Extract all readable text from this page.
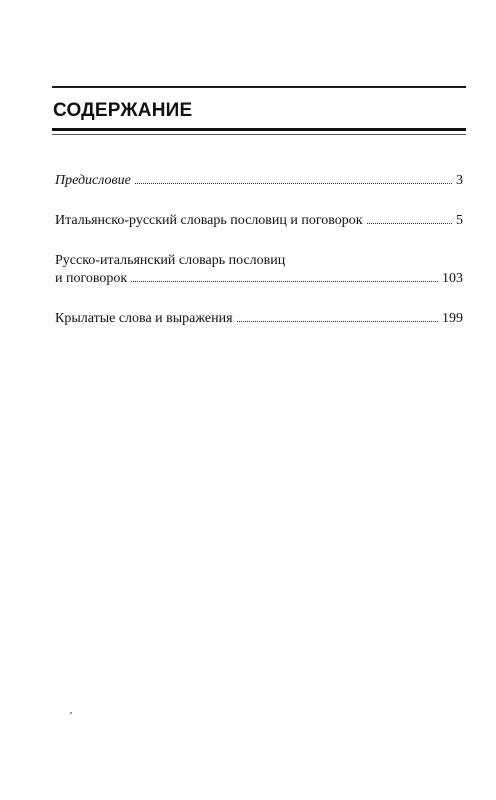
СОДЕРЖАНИЕ
Предисловие	3
Итальянско-русский словарь пословиц и поговорок	5
Русско-итальянский словарь пословиц
и поговорок	103
Крылатые слова и выражения	199
